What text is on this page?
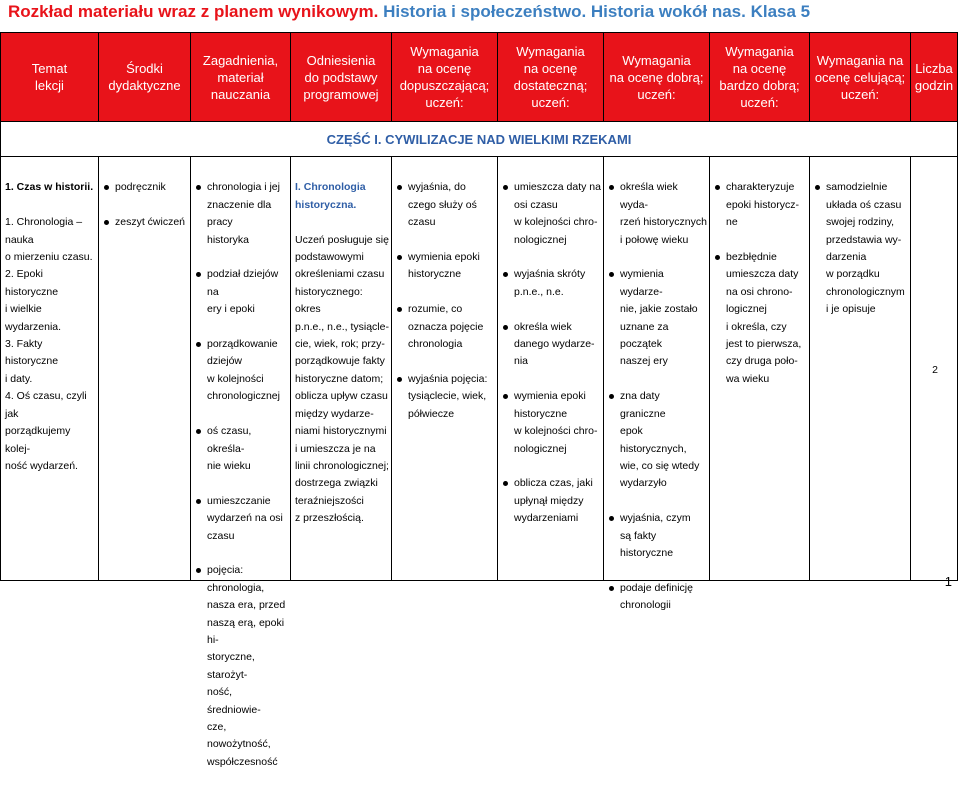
Rozkład materiału wraz z planem wynikowym. Historia i społeczeństwo. Historia wokół nas. Klasa 5
Temat
lekcji
Środki
dydaktyczne
Zagadnienia,
materiał
nauczania
Odniesienia
do podstawy
programowej
Wymagania
na ocenę
dopuszczającą;
uczeń:
Wymagania
na ocenę
dostateczną;
uczeń:
Wymagania
na ocenę dobrą;
uczeń:
Wymagania
na ocenę
bardzo dobrą;
uczeń:
Wymagania na
ocenę celującą;
uczeń:
Liczba
godzin
CZĘŚĆ I. CYWILIZACJE NAD WIELKIMI RZEKAMI

1. Czas w historii.

1. Chronologia – nauka
o mierzeniu czasu.
2. Epoki historyczne
i wielkie wydarzenia.
3. Fakty historyczne
i daty.
4. Oś czasu, czyli jak
porządkujemy kolej-
ność wydarzeń.

podręcznik

zeszyt ćwiczeń

chronologia i jej
znaczenie dla pracy
historyka

podział dziejów na
ery i epoki

porządkowanie
dziejów
w kolejności
chronologicznej

oś czasu, określa-
nie wieku

umieszczanie
wydarzeń na osi
czasu

pojęcia: chronologia,
nasza era, przed
naszą erą, epoki hi-
storyczne, starożyt-
ność, średniowie-
cze, nowożytność,
współczesność

I. Chronologia
historyczna.

Uczeń posługuje się
podstawowymi
określeniami czasu
historycznego: okres
p.n.e., n.e., tysiącle-
cie, wiek, rok; przy-
porządkowuje fakty
historyczne datom;
oblicza upływ czasu
między wydarze-
niami historycznymi
i umieszcza je na
linii chronologicznej;
dostrzega związki
teraźniejszości
z przeszłością.

wyjaśnia, do
czego służy oś
czasu

wymienia epoki
historyczne

rozumie, co
oznacza pojęcie
chronologia

wyjaśnia pojęcia:
tysiąclecie, wiek,
półwiecze

umieszcza daty na
osi czasu
w kolejności chro-
nologicznej

wyjaśnia skróty
p.n.e., n.e.

określa wiek
danego wydarze-
nia

wymienia epoki
historyczne
w kolejności chro-
nologicznej

oblicza czas, jaki
upłynął między
wydarzeniami

określa wiek wyda-
rzeń historycznych
i połowę wieku

wymienia wydarze-
nie, jakie zostało
uznane za początek
naszej ery

zna daty graniczne
epok historycznych,
wie, co się wtedy
wydarzyło

wyjaśnia, czym
są fakty historyczne

podaje definicję
chronologii

charakteryzuje
epoki historycz-
ne

bezbłędnie
umieszcza daty
na osi chrono-
logicznej
i określa, czy
jest to pierwsza,
czy druga poło-
wa wieku

samodzielnie
układa oś czasu
swojej rodziny,
przedstawia wy-
darzenia
w porządku
chronologicznym
i je opisuje

2
1
